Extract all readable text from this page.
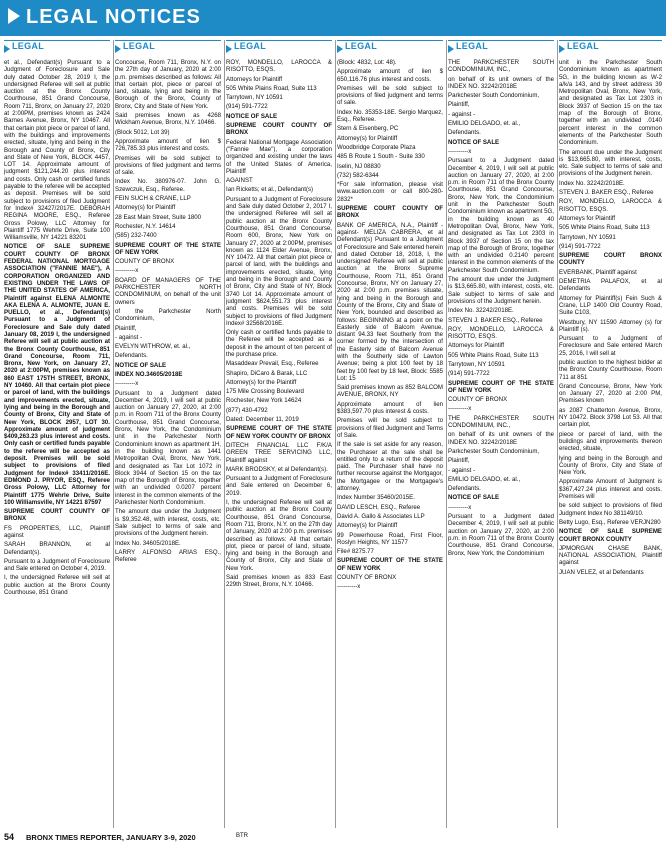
LEGAL NOTICES
LEGAL

et al., Defendant(s) Pursuant to a Judgment of Foreclosure and Sale duly dated October 28, 2019 I, the undersigned Referee will sell at public auction at the Bronx County Courthouse, 851 Grand Concourse, Room 711, Bronx, on January 27, 2020 at 2:00PM, premises known as 2424 Barnes Avenue, Bronx, NY 10467. All that certain plot piece or parcel of land, with the buildings and improvements erected, situate, lying and being in the Borough and County of Bronx, City and State of New York, BLOCK 4457, LOT 14. Approximate amount of judgment $121,244.20 plus interest and costs. Only cash or certified funds payable to the referee will be accepted as deposit. Premises will be sold subject to provisions of filed Judgment for Index# 32427/2017E. DEBORAH REGINA MOORE, ESQ., Referee Gross Polowy, LLC Attorney for Plaintiff 1775 Wehrle Drive, Suite 100 Williamsville, NY 14221 83201

NOTICE OF SALE SUPREME COURT COUNTY OF BRONX FEDERAL NATIONAL MORTGAGE ASSOCIATION ("FANNIE MAE"), A CORPORATION ORGANIZED AND EXISTING UNDER THE LAWS OF THE UNITED STATES OF AMERICA, Plaintiff against ELENA ALMONTE AKA ELENA A. ALMONTE, JUAN E. PUELLO, et al., Defendant(s) Pursuant to a Judgment of Foreclosure and Sale duly dated January 08, 2019 I, the undersigned Referee will sell at public auction at the Bronx County Courthouse, 851 Grand Concourse, Room 711, Bronx, New York, on January 27, 2020 at 2:00PM, premises known as 860 EAST 175TH STREET, BRONX, NY 10460. All that certain plot piece or parcel of land, with the buildings and improvements erected, situate, lying and being in the Borough and County of Bronx, City and State of New York, BLOCK 2957, LOT 30. Approximate amount of judgment $409,263.23 plus interest and costs. Only cash or certified funds payable to the referee will be accepted as deposit. Premises will be sold subject to provisions of filed Judgment for Index# 33411/2016E. EDMOND J. PRYOR, ESQ., Referee Gross Polowy, LLC Attorney for Plaintiff 1775 Wehrle Drive, Suite 100 Williamsville, NY 14221 87597

SUPREME COURT COUNTY OF BRONX

FS PROPERTIES, LLC, Plaintiff against

SARAH BRANNON, et al Defendant(s).

Pursuant to a Judgment of Foreclosure and Sale entered on October 4, 2019.

I, the undersigned Referee will sell at public auction at the Bronx County Courthouse, 851 Grand

LEGAL

Concourse, Room 711, Bronx, N.Y. on the 27th day of January, 2020 at 2:00 p.m. premises described as follows: All that certain plot, piece or parcel of land, situate, lying and being in the Borough of the Bronx, County of Bronx, City and State of New York.

Said premises known as 4268 Wickham Avenue, Bronx, N.Y. 10466.

(Block 5012, Lot 39)

Approximate amount of lien $ 726,785.33 plus interest and costs.

Premises will be sold subject to provisions of filed judgment and terms of sale.

Index No. 380976-07. John G. Szewczuk, Esq., Referee.

FEIN SUCH & CRANE, LLP

Attorney(s) for Plaintiff

28 East Main Street, Suite 1800

Rochester, N.Y. 14614

(585) 232-7400

SUPREME COURT OF THE STATE OF NEW YORK

COUNTY OF BRONX

----------x

BOARD OF MANAGERS OF THE PARKCHESTER NORTH CONDOMINIUM, on behalf of the unit owners

of the Parkchester North Condominium,

Plaintiff,

- against -

EVELYN WITHROW, et. al.,

Defendants.

NOTICE OF SALE

INDEX NO.34605/2018E

----------x

Pursuant to a Judgment dated December 4, 2019, I will sell at public auction on January 27, 2020, at 2:00 p.m. in Room 711 of the Bronx County Courthouse, 851 Grand Concourse, Bronx, New York, the Condominium unit in the Parkchester North Condominium known as apartment 1H, in the building known as 1441 Metropolitan Oval, Bronx, New York, and designated as Tax Lot 1072 in Block 3944 of Section 15 on the tax map of the Borough of Bronx, together with an undivided 0.0207 percent interest in the common elements of the Parkchester North Condominium.

The amount due under the Judgment is $9,352.48, with interest, costs, etc. Sale subject to terms of sale and provisions of the Judgment herein.

Index No. 34605/2018E.

LARRY ALFONSO ARIAS ESQ., Referee

LEGAL

ROY, MONDELLO, LAROCCA & RISOTTO, ESQS.

Attorneys for Plaintiff

505 White Plains Road, Suite 113

Tarrytown, NY 10591

(914) 591-7722

NOTICE OF SALE

SUPREME COURT COUNTY OF BRONX

Federal National Mortgage Association ("Fannie Mae"), a corporation organized and existing under the laws of the United States of America, Plaintiff

AGAINST

Ian Ricketts; et al., Defendant(s)

Pursuant to a Judgment of Foreclosure and Sale duly dated October 2, 2017 I, the undersigned Referee will sell at public auction at the Bronx County Courthouse, 851 Grand Concourse, Room 600, Bronx, New York on January 27, 2020 at 2:00PM, premises known as 1124 Elder Avenue, Bronx, NY 10472. All that certain plot piece or parcel of land, with the buildings and improvements erected, situate, lying and being in the Borough and County of Bronx, City and State of NY, Block 3740 Lot 14. Approximate amount of judgment $624,551.73 plus interest and costs. Premises will be sold subject to provisions of filed Judgment Index# 32568/2016E.

Only cash or certified funds payable to the Referee will be accepted as a deposit in the amount of ten percent of the purchase price.

Masaddeav Prevail, Esq., Referee

Shapiro, DiCaro & Barak, LLC

Attorney(s) for the Plaintiff

175 Mile Crossing Boulevard

Rochester, New York 14624

(877) 430-4792

Dated: December 11, 2019

SUPREME COURT OF THE STATE OF NEW YORK COUNTY OF BRONX

DITECH FINANCIAL LLC F/K/A GREEN TREE SERVICING LLC, Plaintiff against

MARK BRODSKY, et al Defendant(s).

Pursuant to a Judgment of Foreclosure and Sale entered on December 6, 2019.

I, the undersigned Referee will sell at public auction at the Bronx County Courthouse, 851 Grand Concourse, Room 711, Bronx, N.Y. on the 27th day of January, 2020 at 2:00 p.m. premises described as follows: All that certain plot, piece or parcel of land, situate, lying and being in the Borough and County of Bronx, City and State of New York.

Said premises known as 833 East 229th Street, Bronx, N.Y. 10466.

LEGAL

(Block: 4832, Lot: 48).

Approximate amount of lien $ 650,116.76 plus interest and costs.

Premises will be sold subject to provisions of filed judgment and terms of sale.

Index No. 35353-18E. Sergio Marquez, Esq., Referee.

Stern & Eisenberg, PC

Attorney(s) for Plaintiff

Woodbridge Corporate Plaza

485 B Route 1 South - Suite 330

Iselin, NJ 08830

(732) 582-6344

*For sale information, please visit www.auction.com or call 800-280-2832*

SUPREME COURT COUNTY OF BRONX

BANK OF AMERICA, N.A., Plaintiff -against- MELIZA CABRERA, et al Defendant(s) Pursuant to a Judgment of Foreclosure and Sale entered herein and dated October 18, 2018, I, the undersigned Referee will sell at public auction at the Bronx Supreme Courthouse, Room 711, 851 Grand Concourse, Bronx, NY on January 27, 2020 at 2:00 p.m. premises situate, lying and being in the Borough and County of the Bronx, City and State of New York, bounded and described as follows: BEGINNING at a point on the Easterly side of Balcom Avenue, distant 94.33 feet Southerly from the corner formed by the intersection of the Easterly side of Balcom Avenue with the Southerly side of Lawton Avenue; being a plot 100 feet by 18 feet by 100 feet by 18 feet, Block: 5585 Lot: 15

Said premises known as 852 BALCOM AVENUE, BRONX, NY

Approximate amount of lien $383,597.70 plus interest & costs.

Premises will be sold subject to provisions of filed Judgment and Terms of Sale.

If the sale is set aside for any reason, the Purchaser at the sale shall be entitled only to a return of the deposit paid. The Purchaser shall have no further recourse against the Mortgagor, the Mortgagee or the Mortgagee's attorney.

Index Number 35460/2015E.

DAVID LESCH, ESQ., Referee

David A. Gallo & Associates LLP

Attorney(s) for Plaintiff

99 Powerhouse Road, First Floor, Roslyn Heights, NY 11577

File# 8275.77

SUPREME COURT OF THE STATE OF NEW YORK

COUNTY OF BRONX

----------x

LEGAL

THE PARKCHESTER SOUTH CONDOMINIUM, INC.,

on behalf of its unit owners of the INDEX NO. 32242/2018E

Parkchester South Condominium,

Plaintiff,

- against -

EMILIO DELGADO, et. al.,

Defendants.

NOTICE OF SALE

----------x

Pursuant to a Judgment dated December 4, 2019, I will sell at public auction on January 27, 2020, at 2:00 p.m. in Room 711 of the Bronx County Courthouse, 851 Grand Concourse, Bronx, New York, the Condominium unit in the Parkchester South Condominium known as apartment 5G, in the building known as 40 Metropolitan Oval, Bronx, New York, and designated as Tax Lot 2303 in Block 3937 of Section 15 on the tax map of the Borough of Bronx, together with an undivided 0.2140 percent interest in the common elements of the Parkchester South Condominium.

The amount due under the Judgment is $13,665.80, with interest, costs, etc. Sale subject to terms of sale and provisions of the Judgment herein.

Index No. 32242/2018E.

STEVEN J. BAKER ESQ., Referee

ROY, MONDELLO, LAROCCA & RISOTTO, ESQS.

Attorneys for Plaintiff

505 White Plains Road, Suite 113

Tarrytown, NY 10591

(914) 591-7722

SUPREME COURT OF THE STATE OF NEW YORK

COUNTY OF BRONX

----------x

THE PARKCHESTER SOUTH CONDOMINIUM, INC.,

on behalf of its unit owners of the INDEX NO. 32242/2018E

Parkchester South Condominium,

Plaintiff,

- against -

EMILIO DELGADO, et. al.,

Defendants.

NOTICE OF SALE

----------x

Pursuant to a Judgment dated December 4, 2019, I will sell at public auction on January 27, 2020, at 2:00 p.m. in Room 711 of the Bronx County Courthouse, 851 Grand Concourse, Bronx, New York, the Condominium

LEGAL

unit in the Parkchester South Condominium known as apartment 5G, in the building known as W-2 a/k/a 143, and by street address 39 Metropolitan Oval, Bronx, New York, and designated as Tax Lot 2303 in Block 3937 of Section 15 on the tax map of the Borough of Bronx, together with an undivided .0140 percent interest in the common elements of the Parkchester South Condominium.

The amount due under the Judgment is $13,665.80, with interest, costs, etc. Sale subject to terms of sale and provisions of the Judgment herein.

Index No. 32242/2018E.

STEVEN J. BAKER ESQ., Referee

ROY, MONDELLO, LAROCCA & RISOTTO, ESQS.

Attorneys for Plaintiff

505 White Plains Road, Suite 113

Tarrytown, NY 10591

(914) 591-7722

SUPREME COURT BRONX COUNTY

EVERBANK, Plaintiff against

DEMETRIA PALAFOX, et al Defendants

Attorney for Plaintiff(s) Fein Such & Crane, LLP 1400 Old Country Road, Suite C103,

Westbury, NY 11590 Attorney (s) for Plaintiff (s).

Pursuant to a Judgment of Foreclosure and Sale entered March 25, 2016, I will sell at

public auction to the highest bidder at the Bronx County Courthouse, Room 711 at 851

Grand Concourse, Bronx, New York on January 27, 2020 at 2:00 PM, Premises known

as 2087 Chatterton Avenue, Bronx, NY 10472. Block 3798 Lot 53. All that certain plot,

piece or parcel of land, with the buildings and improvements thereon erected, situate,

lying and being in the Borough and County of Bronx, City and State of New York.

Approximate Amount of Judgment is $367,427.24 plus interest and costs. Premises will

be sold subject to provisions of filed Judgment Index No 381149/10.

Betty Lugo, Esq., Referee VERJN280

NOTICE OF SALE SUPREME COURT BRONX COUNTY

JPMORGAN CHASE BANK, NATIONAL ASSOCIATION, Plaintiff against

JUAN VELEZ, et al Defendants

54 BRONX TIMES REPORTER, JANUARY 3-9, 2020	BTR
